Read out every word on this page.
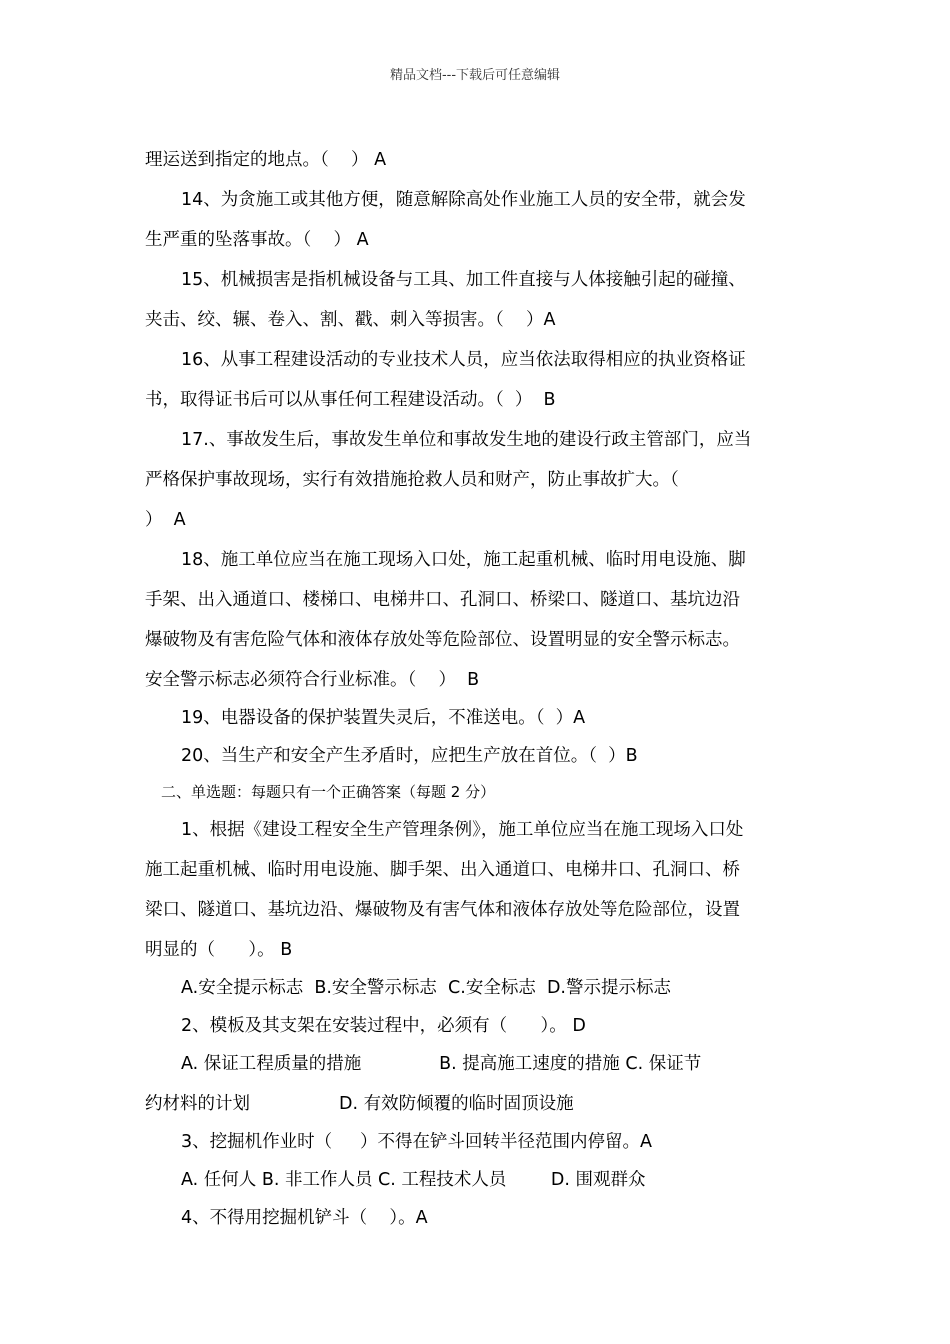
精品文档---下载后可任意编辑
理运送到指定的地点。（    ） A
14、为贪施工或其他方便，随意解除高处作业施工人员的安全带，就会发
生严重的坠落事故。（    ） A
15、机械损害是指机械设备与工具、加工件直接与人体接触引起的碰撞、
夹击、绞、辗、卷入、割、戳、刺入等损害。（    ）A
16、从事工程建设活动的专业技术人员，应当依法取得相应的执业资格证
书，取得证书后可以从事任何工程建设活动。（  ）  B
17.、事故发生后，事故发生单位和事故发生地的建设行政主管部门，应当
严格保护事故现场，实行有效措施抢救人员和财产，防止事故扩大。（
）  A
18、施工单位应当在施工现场入口处，施工起重机械、临时用电设施、脚
手架、出入通道口、楼梯口、电梯井口、孔洞口、桥梁口、隧道口、基坑边沿
爆破物及有害危险气体和液体存放处等危险部位、设置明显的安全警示标志。
安全警示标志必须符合行业标准。（    ）  B
19、电器设备的保护装置失灵后，不准送电。（  ）A
20、当生产和安全产生矛盾时，应把生产放在首位。（  ）B
二、单选题：每题只有一个正确答案（每题 2 分）
1、根据《建设工程安全生产管理条例》，施工单位应当在施工现场入口处
施工起重机械、临时用电设施、脚手架、出入通道口、电梯井口、孔洞口、桥
梁口、隧道口、基坑边沿、爆破物及有害气体和液体存放处等危险部位，设置
明显的（      ）。 B
A.安全提示标志  B.安全警示标志  C.安全标志  D.警示提示标志
2、模板及其支架在安装过程中，必须有（      ）。 D
A. 保证工程质量的措施              B. 提高施工速度的措施 C. 保证节
约材料的计划                D. 有效防倾覆的临时固顶设施
3、挖掘机作业时（     ）不得在铲斗回转半径范围内停留。A
A. 任何人 B. 非工作人员 C. 工程技术人员        D. 围观群众
4、不得用挖掘机铲斗（    ）。A
